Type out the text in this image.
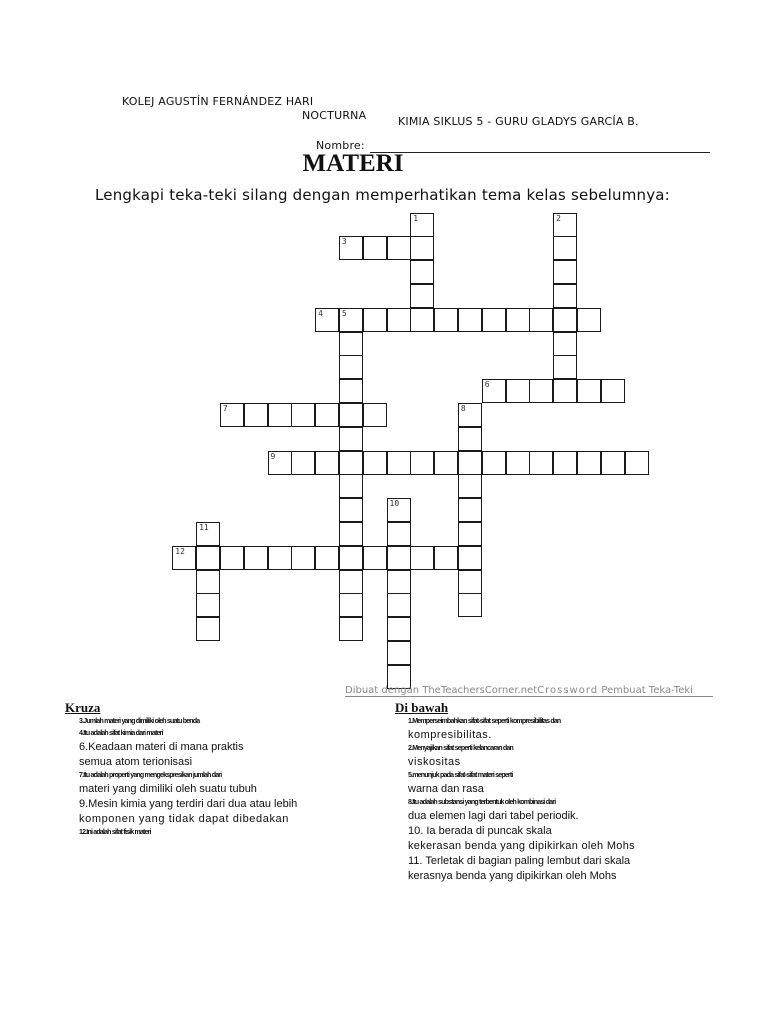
KOLEJ AGUSTÍN FERNÁNDEZ HARI
NOCTURNA	KIMIA SIKLUS 5 - GURU GLADYS GARCÍA B.
Nombre:
MATERI
Lengkapi teka-teki silang dengan memperhatikan tema kelas sebelumnya:
1	2
3
4 5
6
7	8
9
10
11
12
Dibuat dengan TheTeachersCorner.netCrossword Pembuat Teka-Teki
Kruza

3.Jumlah materi yang dimiliki oleh suatu benda

4.Itu adalah sifat kimia dari materi

6.Keadaan materi di mana praktis

semua atom terionisasi

7.Itu adalah properti yang mengekspresikan jumlah dari

materi yang dimiliki oleh suatu tubuh

9.Mesin kimia yang terdiri dari dua atau lebih

komponen yang tidak dapat dibedakan

12.Ini adalah sifat fisik materi

Di bawah

1.Memperseimbahkan sifat-sifat seperti kompresibilitas dan

kompresibilitas.

2.Menyajikan sifat seperti kelancaran dan

viskositas

5.menunjuk pada sifat-sifat materi seperti

warna dan rasa

8.Itu adalah substansi yang terbentuk oleh kombinasi dari

dua elemen lagi dari tabel periodik.

10. Ia berada di puncak skala

kekerasan benda yang dipikirkan oleh Mohs

11. Terletak di bagian paling lembut dari skala

kerasnya benda yang dipikirkan oleh Mohs
